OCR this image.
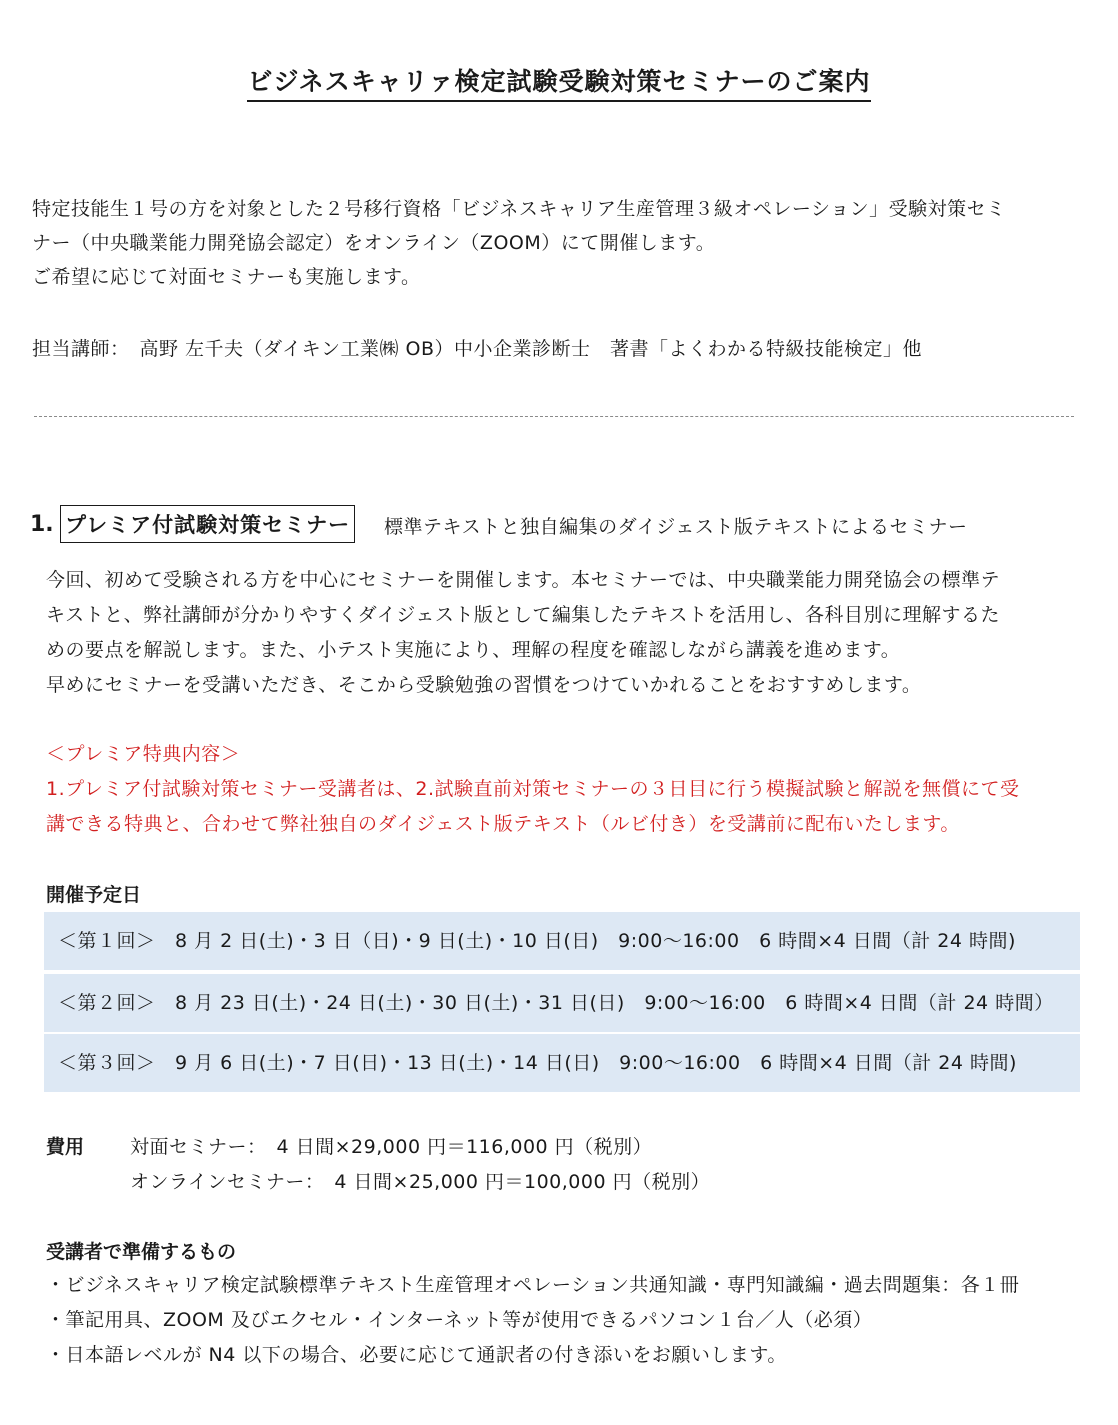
ビジネスキャリァ検定試験受験対策セミナーのご案内
特定技能生１号の方を対象とした２号移行資格「ビジネスキャリア生産管理３級オペレーション」受験対策セミ
ナー（中央職業能力開発協会認定）をオンライン（ZOOM）にて開催します。
ご希望に応じて対面セミナーも実施します。
担当講師：　高野 左千夫（ダイキン工業㈱ OB）中小企業診断士　著書「よくわかる特級技能検定」他
1. プレミア付試験対策セミナー 標準テキストと独自編集のダイジェスト版テキストによるセミナー
今回、初めて受験される方を中心にセミナーを開催します。本セミナーでは、中央職業能力開発協会の標準テ
キストと、弊社講師が分かりやすくダイジェスト版として編集したテキストを活用し、各科目別に理解するた
めの要点を解説します。また、小テスト実施により、理解の程度を確認しながら講義を進めます。
早めにセミナーを受講いただき、そこから受験勉強の習慣をつけていかれることをおすすめします。
＜プレミア特典内容＞
1.プレミア付試験対策セミナー受講者は、2.試験直前対策セミナーの３日目に行う模擬試験と解説を無償にて受
講できる特典と、合わせて弊社独自のダイジェスト版テキスト（ルビ付き）を受講前に配布いたします。
開催予定日
＜第１回＞　8 月 2 日(土)・3 日（日)・9 日(土)・10 日(日)　9:00～16:00　6 時間×4 日間（計 24 時間)
＜第２回＞　8 月 23 日(土)・24 日(土)・30 日(土)・31 日(日)　9:00～16:00　6 時間×4 日間（計 24 時間）
＜第３回＞　9 月 6 日(土)・7 日(日)・13 日(土)・14 日(日)　9:00～16:00　6 時間×4 日間（計 24 時間)
費用 対面セミナー：　4 日間×29,000 円＝116,000 円（税別）
オンラインセミナー：　4 日間×25,000 円＝100,000 円（税別）
受講者で準備するもの
・ビジネスキャリア検定試験標準テキスト生産管理オペレーション共通知識・専門知識編・過去問題集：各１冊
・筆記用具、ZOOM 及びエクセル・インターネット等が使用できるパソコン１台／人（必須）
・日本語レベルが N4 以下の場合、必要に応じて通訳者の付き添いをお願いします。
